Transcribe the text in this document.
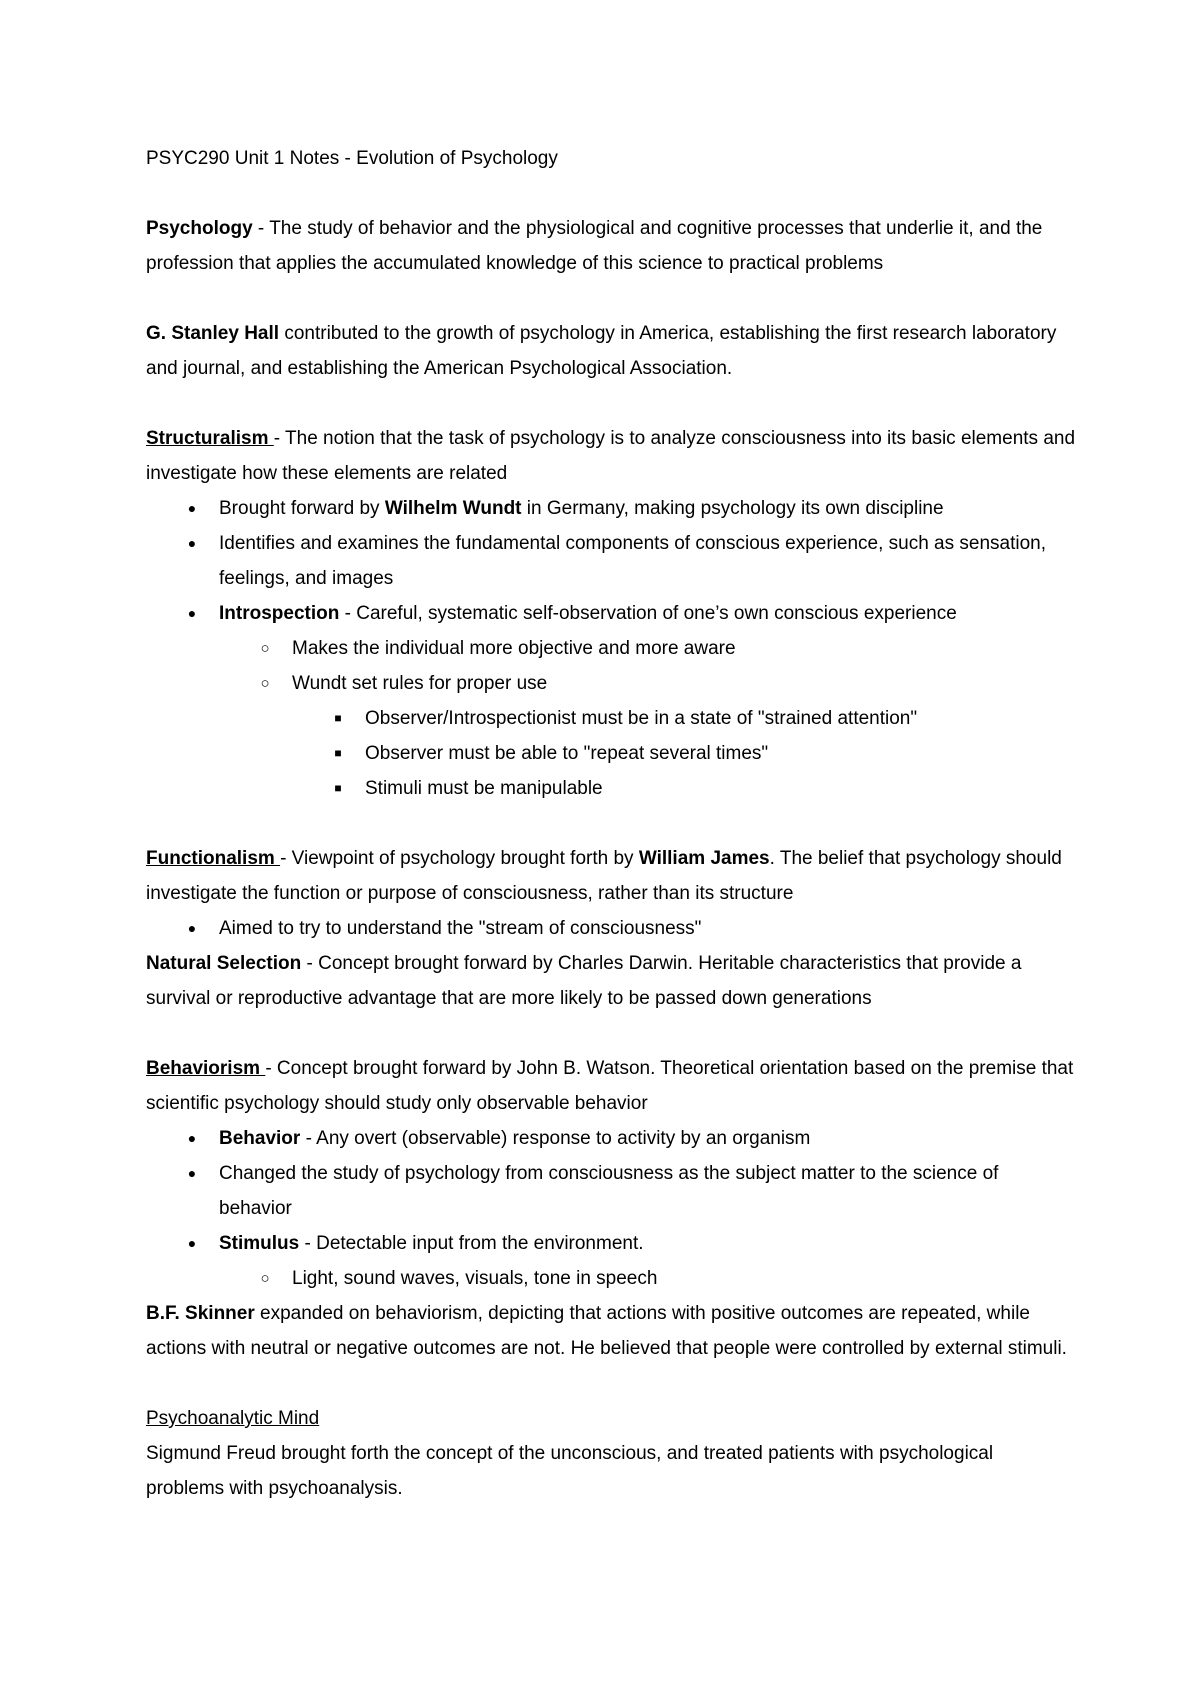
PSYC290 Unit 1 Notes - Evolution of Psychology

Psychology - The study of behavior and the physiological and cognitive processes that underlie it, and the profession that applies the accumulated knowledge of this science to practical problems

G. Stanley Hall contributed to the growth of psychology in America, establishing the first research laboratory and journal, and establishing the American Psychological Association.

Structuralism - The notion that the task of psychology is to analyze consciousness into its basic elements and investigate how these elements are related

●	Brought forward by Wilhelm Wundt in Germany, making psychology its own discipline
●	Identifies and examines the fundamental components of conscious experience, such as sensation, feelings, and images
●	Introspection - Careful, systematic self-observation of one’s own conscious experience
○ Makes the individual more objective and more aware
○ Wundt set rules for proper use
■	Observer/Introspectionist must be in a state of "strained attention"
■	Observer must be able to "repeat several times"
■	Stimuli must be manipulable

Functionalism - Viewpoint of psychology brought forth by William James. The belief that psychology should investigate the function or purpose of consciousness, rather than its structure

●	Aimed to try to understand the "stream of consciousness"

Natural Selection - Concept brought forward by Charles Darwin. Heritable characteristics that provide a survival or reproductive advantage that are more likely to be passed down generations

Behaviorism - Concept brought forward by John B. Watson. Theoretical orientation based on the premise that scientific psychology should study only observable behavior

●	Behavior - Any overt (observable) response to activity by an organism
●	Changed the study of psychology from consciousness as the subject matter to the science of behavior
●	Stimulus - Detectable input from the environment.
○ Light, sound waves, visuals, tone in speech

B.F. Skinner expanded on behaviorism, depicting that actions with positive outcomes are repeated, while actions with neutral or negative outcomes are not. He believed that people were controlled by external stimuli.

Psychoanalytic Mind

Sigmund Freud brought forth the concept of the unconscious, and treated patients with psychological problems with psychoanalysis.
